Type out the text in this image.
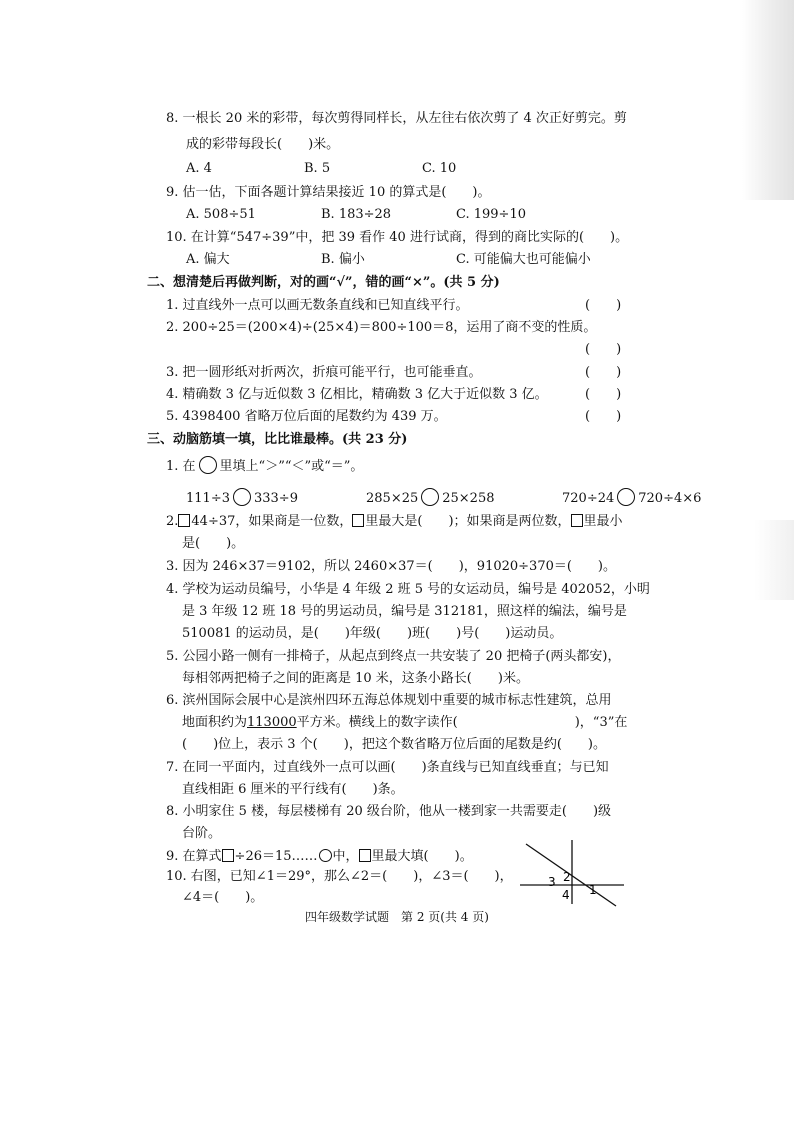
8. 一根长 20 米的彩带，每次剪得同样长，从左往右依次剪了 4 次正好剪完。剪
成的彩带每段长(　　)米。
A. 4	B. 5	C. 10
9. 估一估，下面各题计算结果接近 10 的算式是(　　)。
A. 508÷51	B. 183÷28	C. 199÷10
10. 在计算“547÷39”中，把 39 看作 40 进行试商，得到的商比实际的(　　)。
A. 偏大	B. 偏小	C. 可能偏大也可能偏小
二、想清楚后再做判断，对的画“√”，错的画“×”。(共 5 分)
1. 过直线外一点可以画无数条直线和已知直线平行。	(　　)
2. 200÷25＝(200×4)÷(25×4)＝800÷100＝8，运用了商不变的性质。
(　　)
3. 把一圆形纸对折两次，折痕可能平行，也可能垂直。	(　　)
4. 精确数 3 亿与近似数 3 亿相比，精确数 3 亿大于近似数 3 亿。	(　　)
5. 4398400 省略万位后面的尾数约为 439 万。	(　　)
三、动脑筋填一填，比比谁最棒。(共 23 分)
1. 在 里填上“＞”“＜”或“＝”。
111÷3 333÷9	285×25 25×258	720÷24 720÷4×6
2. 44÷37，如果商是一位数， 里最大是(　　)；如果商是两位数， 里最小
是(　　)。
3. 因为 246×37＝9102，所以 2460×37＝(　　)，91020÷370＝(　　)。
4. 学校为运动员编号，小华是 4 年级 2 班 5 号的女运动员，编号是 402052，小明
是 3 年级 12 班 18 号的男运动员，编号是 312181，照这样的编法，编号是
510081 的运动员，是(　　)年级(　　)班(　　)号(　　)运动员。
5. 公园小路一侧有一排椅子，从起点到终点一共安装了 20 把椅子(两头都安)，
每相邻两把椅子之间的距离是 10 米，这条小路长(　　)米。
6. 滨州国际会展中心是滨州四环五海总体规划中重要的城市标志性建筑，总用
地面积约为113000平方米。横线上的数字读作(　　　　　　　　　)，“3”在
(　　)位上，表示 3 个(　　)，把这个数省略万位后面的尾数是约(　　)。
7. 在同一平面内，过直线外一点可以画(　　)条直线与已知直线垂直；与已知
直线相距 6 厘米的平行线有(　　)条。
8. 小明家住 5 楼，每层楼梯有 20 级台阶，他从一楼到家一共需要走(　　)级
台阶。
9. 在算式 ÷26＝15…… 中， 里最大填(　　)。
10. 右图，已知∠1＝29°，那么∠2＝(　　)，∠3＝(　　)，
∠4＝(　　)。
2
3
1
4
四年级数学试题　第 2 页(共 4 页)
